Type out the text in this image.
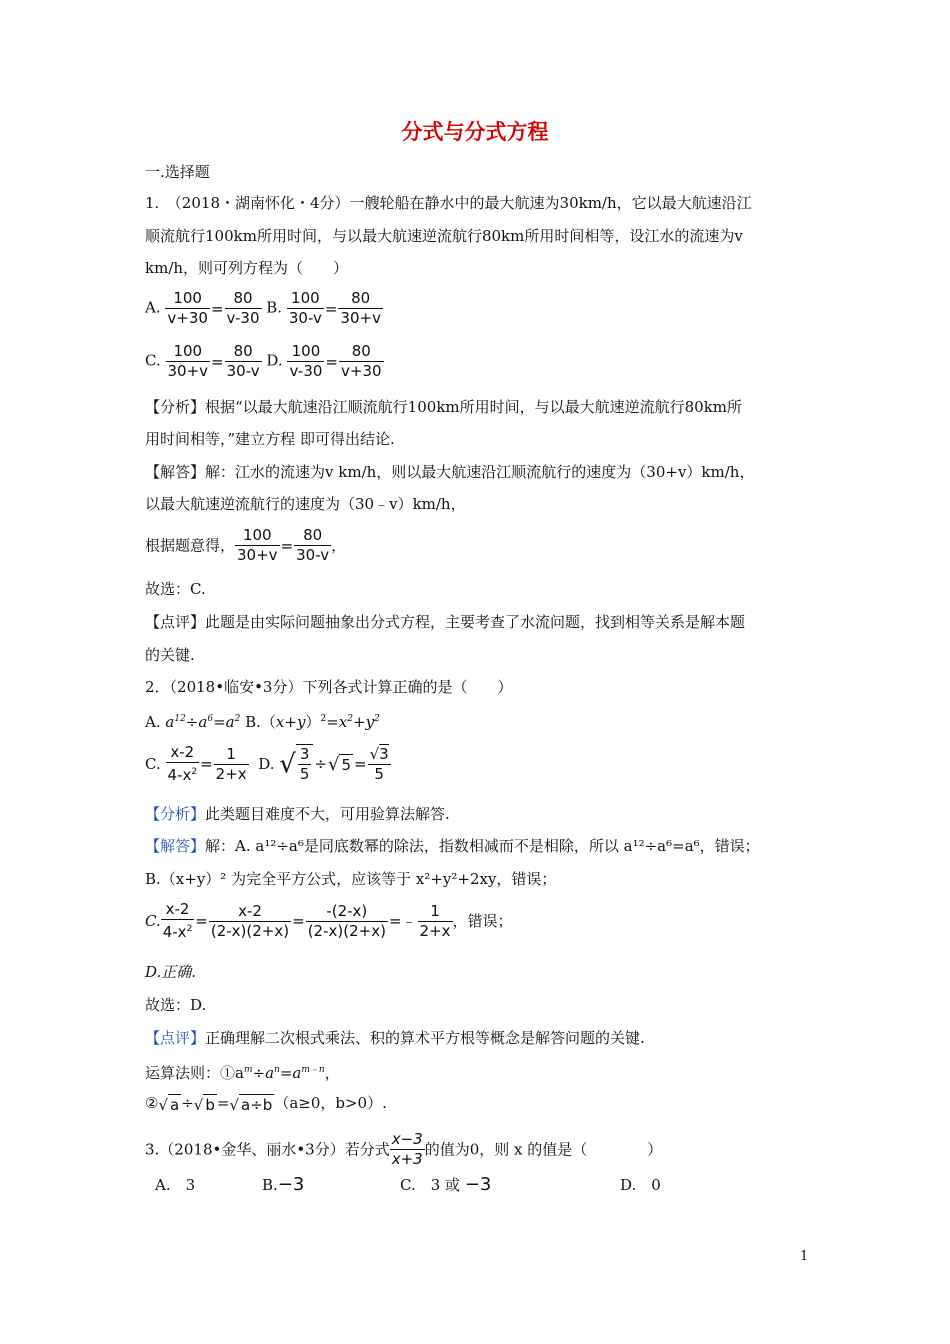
分式与分式方程
一.选择题
1.　（2018・湖南怀化・4分）一艘轮船在静水中的最大航速为30km/h，它以最大航速沿江
顺流航行100km所用时间，与以最大航速逆流航行80km所用时间相等，设江水的流速为v
km/h，则可列方程为（　　）
A. $\frac{100}{v+30} = \frac{80}{v-30} B$. $\frac{100}{30-v} = \frac{80}{30+v}$
C. $\frac{100}{30+v} = \frac{80}{30-v} D$. $\frac{100}{v-30} = \frac{80}{v+30}$
【分析】根据“以最大航速沿江顺流航行100km所用时间，与以最大航速逆流航行80km所
用时间相等，”建立方程 即可得出结论.
【解答】解：江水的流速为v km/h，则以最大航速沿江顺流航行的速度为（30+v）km/h，
以最大航速逆流航行的速度为（30﹣v）km/h，
根据题意得， $\frac{100}{30+v} = \frac{80}{30-v}$ ，
故选：C.
【点评】此题是由实际问题抽象出分式方程，主要考查了水流问题，找到相等关系是解本题
的关键.
2．（2018•临安•3分）下列各式计算正确的是（　　）
A. $a^{12}\div a^6=a^2$ $B.(x+y)^2=x^2+y^2$
C. $\frac{x-2}{4-x^2} = \frac{1}{2+x} D$. √ $\frac{3}{5}$ ÷√ $5 = \frac{√3}{5}$
【分析】此类题目难度不大，可用验算法解答.
【解答】解：A. a¹²÷a⁶是同底数幂的除法，指数相减而不是相除，所以 a¹²÷a⁶=a⁶，错误；
B.（x+y）² 为完全平方公式，应该等于 x²+y²+2xy，错误；
C. $\frac{x-2}{4-x^2} = \frac{x-2}{(2-x)(2+x)} = \frac{-(2-x)}{(2-x)(2+x)}$ =﹣ $\frac{1}{2+x}$ ，错误；
D.正确.
故选：D.
【点评】正确理解二次根式乘法、积的算术平方根等概念是解答问题的关键.
运算法则：$①a^m\div a^n=a^{m﹣n}$，
②√ a ÷√ b =√ a÷b （a≥0，b>0）.
3.（2018•金华、丽水•3分）若分式 $\frac{x-3}{x+3}$ 的值为0，则 x 的值是（　　　　）
A.　3	B.−3	C.　3 或 −3	D.　0
1
